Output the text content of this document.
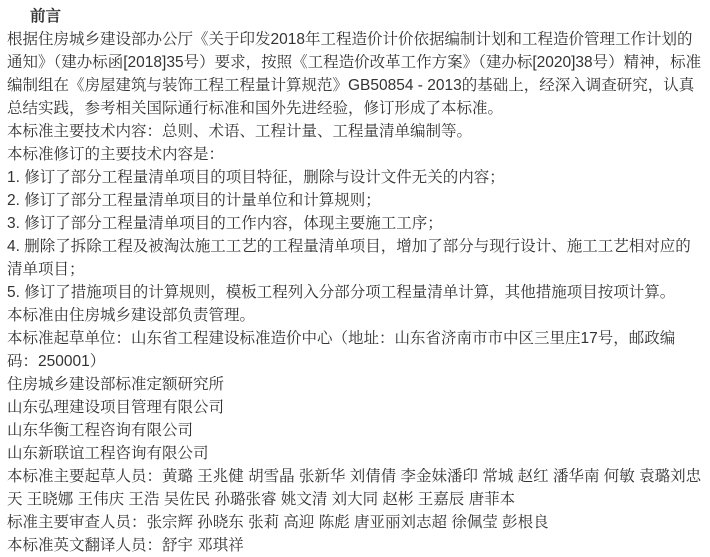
前言

根据住房城乡建设部办公厅《关于印发2018年工程造价计价依据编制计划和工程造价管理工作计划的通知》（建办标函[2018]35号）要求，按照《工程造价改革工作方案》（建办标[2020]38号）精神，标准编制组在《房屋建筑与装饰工程工程量计算规范》GB50854 - 2013的基础上，经深入调查研究，认真总结实践，参考相关国际通行标准和国外先进经验，修订形成了本标准。

本标准主要技术内容：总则、术语、工程计量、工程量清单编制等。

本标准修订的主要技术内容是：

1. 修订了部分工程量清单项目的项目特征，删除与设计文件无关的内容；

2. 修订了部分工程量清单项目的计量单位和计算规则；

3. 修订了部分工程量清单项目的工作内容，体现主要施工工序；

4. 删除了拆除工程及被淘汰施工工艺的工程量清单项目，增加了部分与现行设计、施工工艺相对应的清单项目；

5. 修订了措施项目的计算规则，模板工程列入分部分项工程量清单计算，其他措施项目按项计算。

本标准由住房城乡建设部负责管理。

本标准起草单位：山东省工程建设标准造价中心（地址：山东省济南市市中区三里庄17号，邮政编码：250001）

住房城乡建设部标准定额研究所

山东弘理建设项目管理有限公司

山东华衡工程咨询有限公司

山东新联谊工程咨询有限公司

本标准主要起草人员：黄璐 王兆健 胡雪晶 张新华 刘倩倩 李金妹潘印 常城 赵红 潘华南 何敏 袁璐刘忠天 王晓娜 王伟庆 王浩 吴佐民 孙璐张睿 姚文清 刘大同 赵彬 王嘉辰 唐菲本

标准主要审查人员：张宗辉 孙晓东 张莉 高迎 陈彪 唐亚丽刘志超 徐佩莹 彭根良

本标准英文翻译人员：舒宇 邓琪祥
